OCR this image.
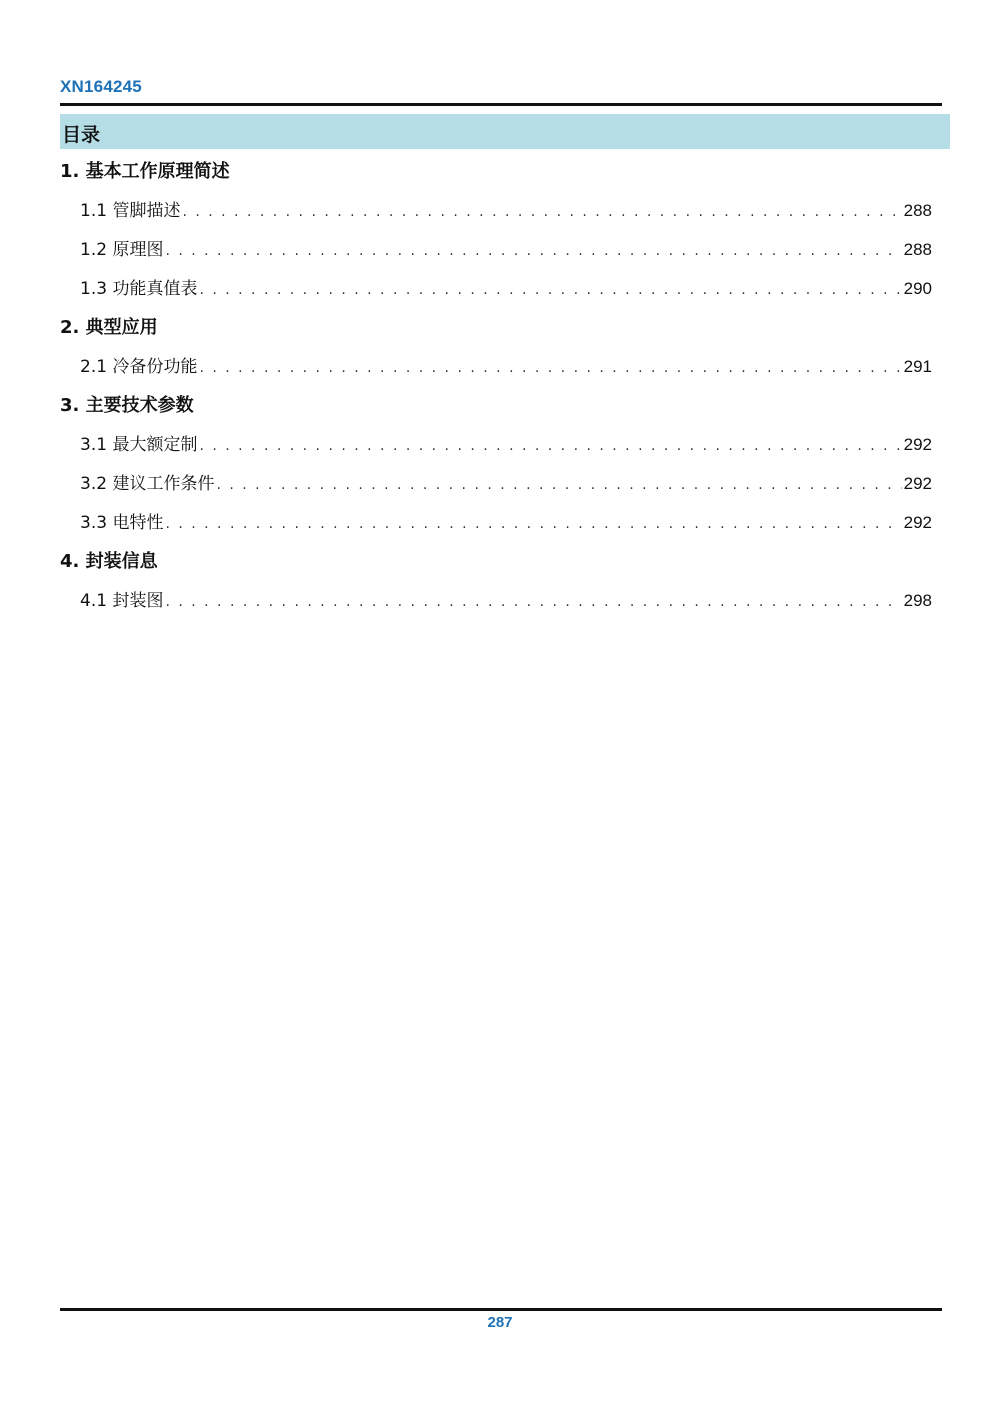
XN164245
目录
1. 基本工作原理简述
1.1 管脚描述 . . .	288
1.2 原理图 . . .	288
1.3 功能真值表 . . .	290
2. 典型应用
2.1 冷备份功能 . . .	291
3. 主要技术参数
3.1 最大额定制 . . .	292
3.2 建议工作条件 . . .	292
3.3 电特性 . . .	292
4. 封装信息
4.1 封装图 . . .	298
287
